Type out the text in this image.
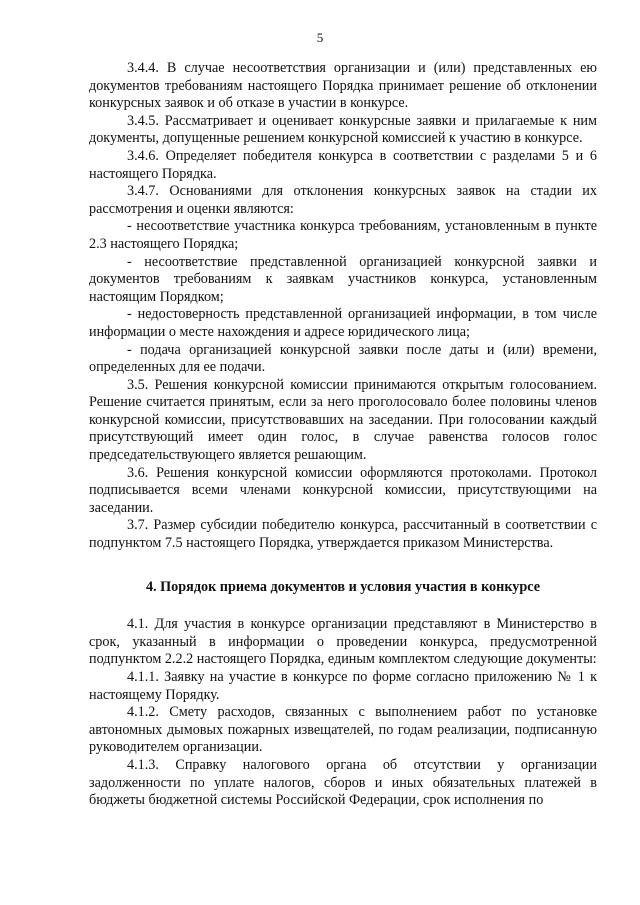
5

3.4.4. В случае несоответствия организации и (или) представленных ею документов требованиям настоящего Порядка принимает решение об отклонении конкурсных заявок и об отказе в участии в конкурсе.

3.4.5. Рассматривает и оценивает конкурсные заявки и прилагаемые к ним документы, допущенные решением конкурсной комиссией к участию в конкурсе.

3.4.6. Определяет победителя конкурса в соответствии с разделами 5 и 6 настоящего Порядка.

3.4.7. Основаниями для отклонения конкурсных заявок на стадии их рассмотрения и оценки являются:

- несоответствие участника конкурса требованиям, установленным в пункте 2.3 настоящего Порядка;

- несоответствие представленной организацией конкурсной заявки и документов требованиям к заявкам участников конкурса, установленным настоящим Порядком;

- недостоверность представленной организацией информации, в том числе информации о месте нахождения и адресе юридического лица;

- подача организацией конкурсной заявки после даты и (или) времени, определенных для ее подачи.

3.5. Решения конкурсной комиссии принимаются открытым голосованием. Решение считается принятым, если за него проголосовало более половины членов конкурсной комиссии, присутствовавших на заседании. При голосовании каждый присутствующий имеет один голос, в случае равенства голосов голос председательствующего является решающим.

3.6. Решения конкурсной комиссии оформляются протоколами. Протокол подписывается всеми членами конкурсной комиссии, присутствующими на заседании.

3.7. Размер субсидии победителю конкурса, рассчитанный в соответствии с подпунктом 7.5 настоящего Порядка, утверждается приказом Министерства.

4. Порядок приема документов и условия участия в конкурсе

4.1. Для участия в конкурсе организации представляют в Министерство в срок, указанный в информации о проведении конкурса, предусмотренной подпунктом 2.2.2 настоящего Порядка, единым комплектом следующие документы:

4.1.1. Заявку на участие в конкурсе по форме согласно приложению № 1 к настоящему Порядку.

4.1.2. Смету расходов, связанных с выполнением работ по установке автономных дымовых пожарных извещателей, по годам реализации, подписанную руководителем организации.

4.1.3. Справку налогового органа об отсутствии у организации задолженности по уплате налогов, сборов и иных обязательных платежей в бюджеты бюджетной системы Российской Федерации, срок исполнения по
